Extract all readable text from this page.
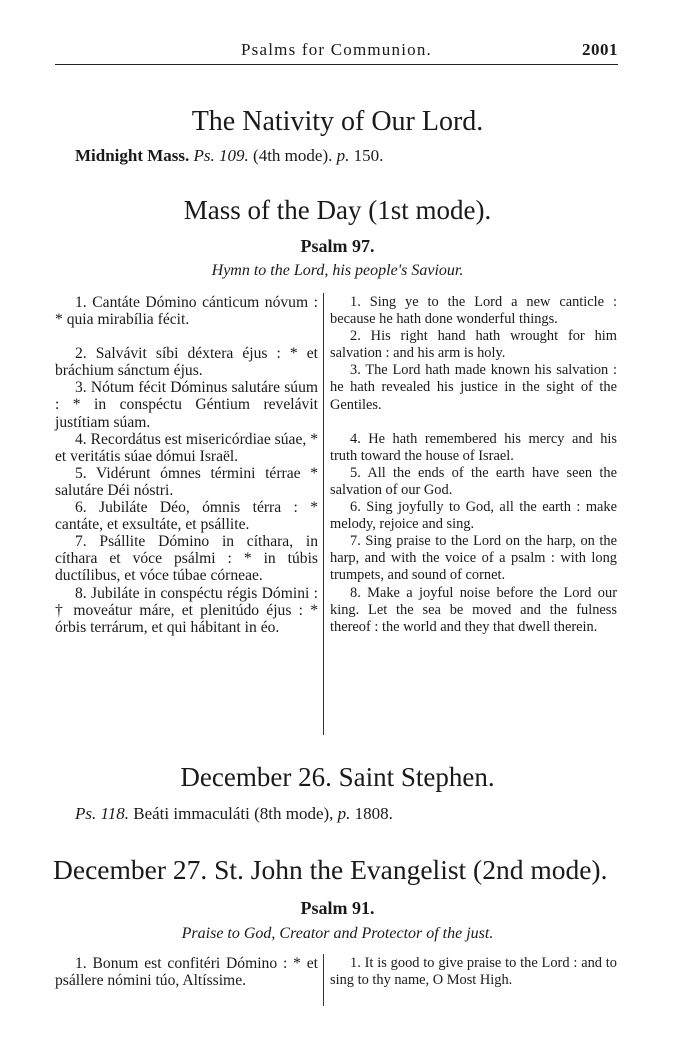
Psalms for Communion.	2001
The Nativity of Our Lord.
Midnight Mass. Ps. 109. (4th mode). p. 150.
Mass of the Day (1st mode).
Psalm 97.
Hymn to the Lord, his people's Saviour.

1. Cantáte Dómino cánticum nóvum : * quia mirabília fécit.

2. Salvávit síbi déxtera éjus : * et bráchium sánctum éjus.

3. Nótum fécit Dóminus salutáre súum : * in conspéctu Géntium revelávit justítiam súam.

4. Recordátus est misericórdiae súae, * et veritátis súae dómui Israël.

5. Vidérunt ómnes términi térrae * salutáre Déi nóstri.

6. Jubiláte Déo, ómnis térra : * cantáte, et exsultáte, et psállite.

7. Psállite Dómino in cíthara, in cíthara et vóce psálmi : * in túbis ductílibus, et vóce túbae córneae.

8. Jubiláte in conspéctu régis Dómini : † moveátur máre, et plenitúdo éjus : * órbis terrárum, et qui hábitant in éo.

1. Sing ye to the Lord a new canticle : because he hath done wonderful things.

2. His right hand hath wrought for him salvation : and his arm is holy.

3. The Lord hath made known his salvation : he hath revealed his justice in the sight of the Gentiles.

4. He hath remembered his mercy and his truth toward the house of Israel.

5. All the ends of the earth have seen the salvation of our God.

6. Sing joyfully to God, all the earth : make melody, rejoice and sing.

7. Sing praise to the Lord on the harp, on the harp, and with the voice of a psalm : with long trumpets, and sound of cornet.

8. Make a joyful noise before the Lord our king. Let the sea be moved and the fulness thereof : the world and they that dwell therein.

December 26. Saint Stephen.
Ps. 118. Beáti immaculáti (8th mode), p. 1808.
December 27. St. John the Evangelist (2nd mode).
Psalm 91.
Praise to God, Creator and Protector of the just.

1. Bonum est confitéri Dómino : * et psállere nómini túo, Altíssime.

1. It is good to give praise to the Lord : and to sing to thy name, O Most High.
